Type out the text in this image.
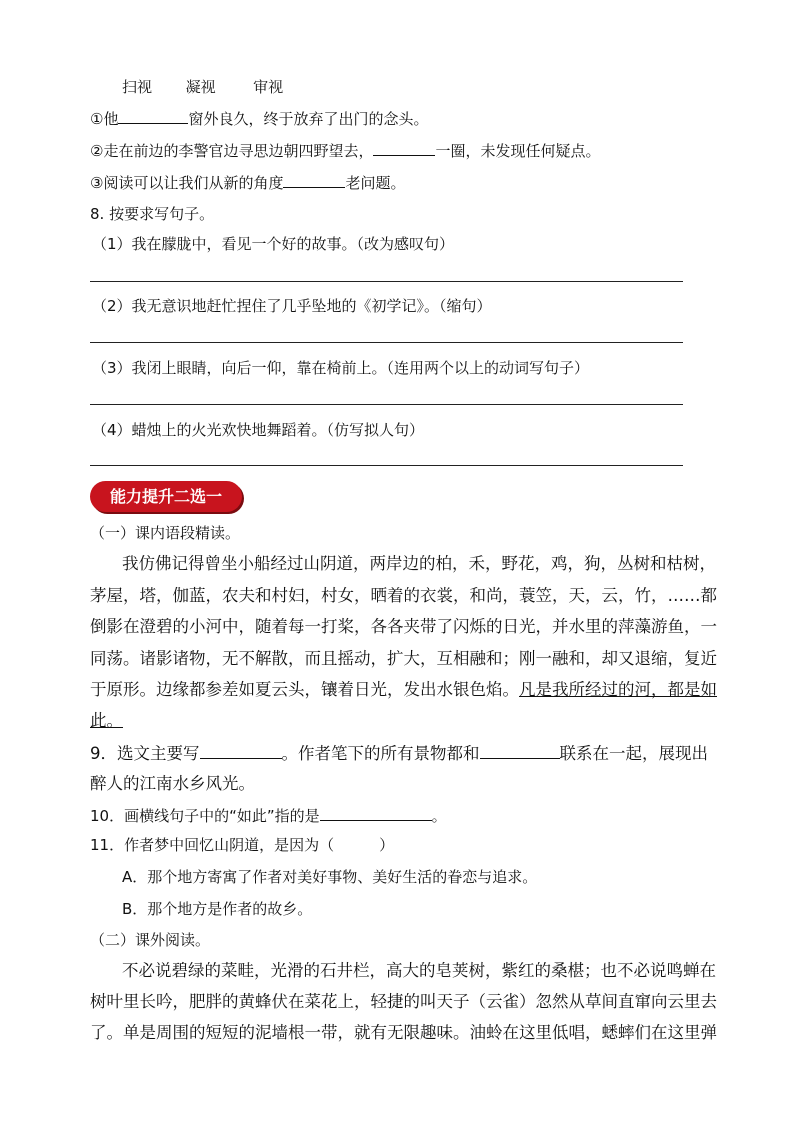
扫视 凝视	审视
①他	窗外良久，终于放弃了出门的念头。
②走在前边的李警官边寻思边朝四野望去，	一圈，未发现任何疑点。
③阅读可以让我们从新的角度	老问题。
8. 按要求写句子。
（1）我在朦胧中，看见一个好的故事。（改为感叹句）
（2）我无意识地赶忙捏住了几乎坠地的《初学记》。（缩句）
（3）我闭上眼睛，向后一仰，靠在椅前上。（连用两个以上的动词写句子）
（4）蜡烛上的火光欢快地舞蹈着。（仿写拟人句）
能力提升二选一
（一）课内语段精读。
我仿佛记得曾坐小船经过山阴道，两岸边的柏，禾，野花，鸡，狗，丛树和枯树，
茅屋，塔，伽蓝，农夫和村妇，村女，晒着的衣裳，和尚，蓑笠，天，云，竹，……都
倒影在澄碧的小河中，随着每一打桨，各各夹带了闪烁的日光，并水里的萍藻游鱼，一
同荡。诸影诸物，无不解散，而且摇动，扩大，互相融和；刚一融和，却又退缩，复近
于原形。边缘都参差如夏云头，镶着日光，发出水银色焰。凡是我所经过的河，都是如
此。
9．选文主要写	。作者笔下的所有景物都和	联系在一起，展现出
醉人的江南水乡风光。
10．画横线句子中的“如此”指的是	。
11．作者梦中回忆山阴道，是因为（　　　）
A．那个地方寄寓了作者对美好事物、美好生活的眷恋与追求。
B．那个地方是作者的故乡。
（二）课外阅读。
不必说碧绿的菜畦，光滑的石井栏，高大的皂荚树，紫红的桑椹；也不必说鸣蝉在
树叶里长吟，肥胖的黄蜂伏在菜花上，轻捷的叫天子（云雀）忽然从草间直窜向云里去
了。单是周围的短短的泥墙根一带，就有无限趣味。油蛉在这里低唱，蟋蟀们在这里弹
